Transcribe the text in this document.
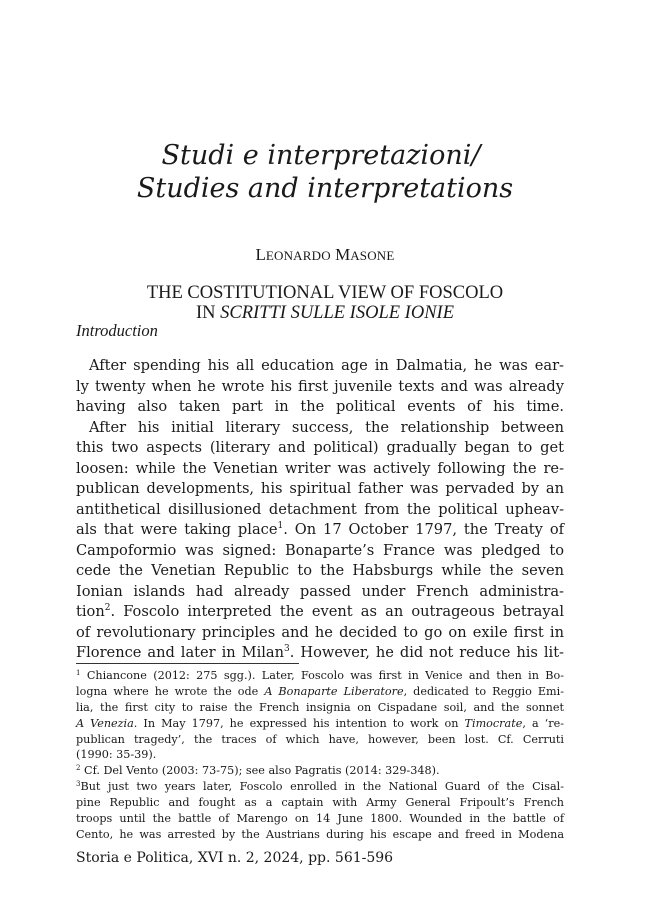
Studi e interpretazioni/
Studies and interpretations
LEONARDO MASONE
THE COSTITUTIONAL VIEW OF FOSCOLO
IN SCRITTI SULLE ISOLE IONIE
Introduction
After spending his all education age in Dalmatia, he was ear-
ly twenty when he wrote his first juvenile texts and was already
having also taken part in the political events of his time.
After his initial literary success, the relationship between
this two aspects (literary and political) gradually began to get
loosen: while the Venetian writer was actively following the re-
publican developments, his spiritual father was pervaded by an
antithetical disillusioned detachment from the political upheav-
als that were taking place$^1$. On 17 October 1797, the Treaty of
Campoformio was signed: Bonaparte’s France was pledged to
cede the Venetian Republic to the Habsburgs while the seven
Ionian islands had already passed under French administra-
tion$^2$. Foscolo interpreted the event as an outrageous betrayal
of revolutionary principles and he decided to go on exile first in
Florence and later in Milan$^3$. However, he did not reduce his lit-
$^1$ Chiancone (2012: 275 sgg.). Later, Foscolo was first in Venice and then in Bo-
logna where he wrote the ode A Bonaparte Liberatore, dedicated to Reggio Emi-
lia, the first city to raise the French insignia on Cispadane soil, and the sonnet
A Venezia. In May 1797, he expressed his intention to work on Timocrate, a ‘re-
publican tragedy’, the traces of which have, however, been lost. Cf. Cerruti
(1990: 35-39).
$^2$ Cf. Del Vento (2003: 73-75); see also Pagratis (2014: 329-348).
$^3$But just two years later, Foscolo enrolled in the National Guard of the Cisal-
pine Republic and fought as a captain with Army General Fripoult’s French
troops until the battle of Marengo on 14 June 1800. Wounded in the battle of
Cento, he was arrested by the Austrians during his escape and freed in Modena
Storia e Politica, XVI n. 2, 2024, pp. 561-596
